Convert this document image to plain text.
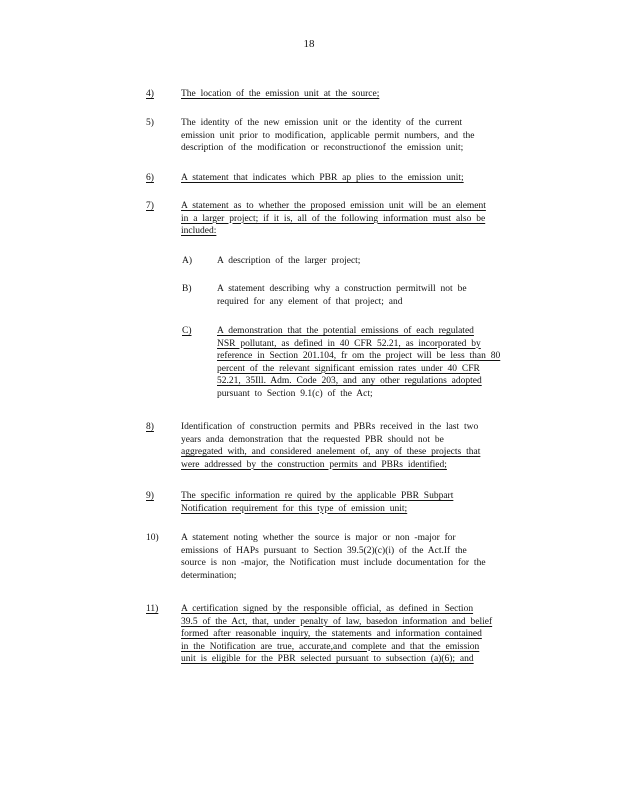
18
4)	The location of the emission unit at the source;
5)	The identity of the new emission unit or the identity of the current
emission unit prior to modification, applicable permit numbers, and the
description of the modification or reconstructionof the emission unit;
6)	A statement that indicates which PBR ap plies to the emission unit;
7)	A statement as to whether the proposed emission unit will be an element
in a larger project; if it is, all of the following information must also be
included:
8)	Identification of construction permits and PBRs received in the last two
years anda demonstration that the requested PBR should not be
aggregated with, and considered anelement of, any of these projects that
were addressed by the construction permits and PBRs identified;
9)	The specific information re quired by the applicable PBR Subpart
Notification requirement for this type of emission unit;
10) A statement noting whether the source is major or non -major for
emissions of HAPs pursuant to Section 39.5(2)(c)(i) of the Act.If the
source is non -major, the Notification must include documentation for the
determination;
11) A certification signed by the responsible official, as defined in Section
39.5 of the Act, that, under penalty of law, basedon information and belief
formed after reasonable inquiry, the statements and information contained
in the Notification are true, accurate,and complete and that the emission
unit is eligible for the PBR selected pursuant to subsection (a)(6); and
A)	A description of the larger project;
B)	A statement describing why a construction permitwill not be
required for any element of that project; and
C)	A demonstration that the potential emissions of each regulated
NSR pollutant, as defined in 40 CFR 52.21, as incorporated by
reference in Section 201.104, fr om the project will be less than 80
percent of the relevant significant emission rates under 40 CFR
52.21, 35Ill. Adm. Code 203, and any other regulations adopted
pursuant to Section 9.1(c) of the Act;
